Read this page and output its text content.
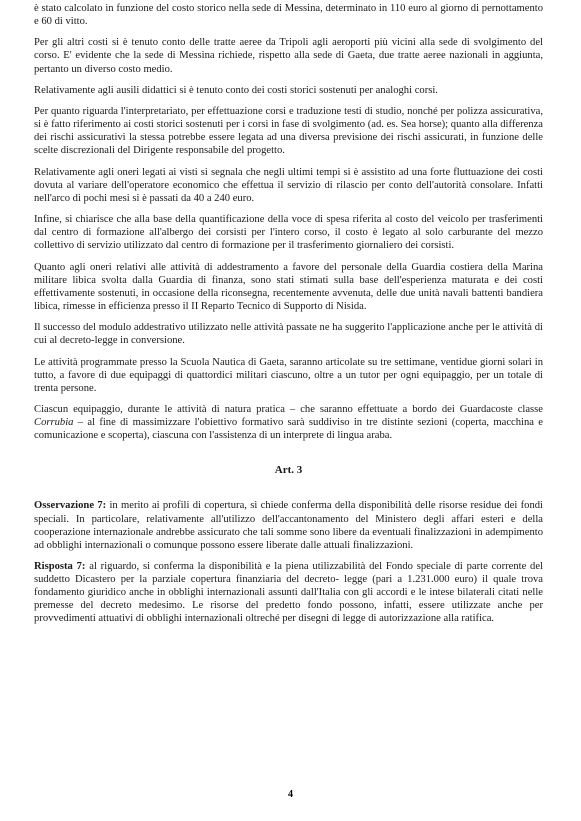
è stato calcolato in funzione del costo storico nella sede di Messina, determinato in 110 euro al giorno di pernottamento e 60 di vitto.

Per gli altri costi si è tenuto conto delle tratte aeree da Tripoli agli aeroporti più vicini alla sede di svolgimento del corso. E' evidente che la sede di Messina richiede, rispetto alla sede di Gaeta, due tratte aeree nazionali in aggiunta, pertanto un diverso costo medio.

Relativamente agli ausili didattici si è tenuto conto dei costi storici sostenuti per analoghi corsi.

Per quanto riguarda l'interpretariato, per effettuazione corsi e traduzione testi di studio, nonché per polizza assicurativa, si è fatto riferimento ai costi storici sostenuti per i corsi in fase di svolgimento (ad. es. Sea horse); quanto alla differenza dei rischi assicurativi la stessa potrebbe essere legata ad una diversa previsione dei rischi assicurati, in funzione delle scelte discrezionali del Dirigente responsabile del progetto.

Relativamente agli oneri legati ai visti si segnala che negli ultimi tempi si è assistito ad una forte fluttuazione dei costi dovuta al variare dell'operatore economico che effettua il servizio di rilascio per conto dell'autorità consolare. Infatti nell'arco di pochi mesi si è passati da 40 a 240 euro.

Infine, si chiarisce che alla base della quantificazione della voce di spesa riferita al costo del veicolo per trasferimenti dal centro di formazione all'albergo dei corsisti per l'intero corso, il costo è legato al solo carburante del mezzo collettivo di servizio utilizzato dal centro di formazione per il trasferimento giornaliero dei corsisti.

Quanto agli oneri relativi alle attività di addestramento a favore del personale della Guardia costiera della Marina militare libica svolta dalla Guardia di finanza, sono stati stimati sulla base dell'esperienza maturata e dei costi effettivamente sostenuti, in occasione della riconsegna, recentemente avvenuta, delle due unità navali battenti bandiera libica, rimesse in efficienza presso il II Reparto Tecnico di Supporto di Nisida.

Il successo del modulo addestrativo utilizzato nelle attività passate ne ha suggerito l'applicazione anche per le attività di cui al decreto-legge in conversione.

Le attività programmate presso la Scuola Nautica di Gaeta, saranno articolate su tre settimane, ventidue giorni solari in tutto, a favore di due equipaggi di quattordici militari ciascuno, oltre a un tutor per ogni equipaggio, per un totale di trenta persone.

Ciascun equipaggio, durante le attività di natura pratica – che saranno effettuate a bordo dei Guardacoste classe Corrubia – al fine di massimizzare l'obiettivo formativo sarà suddiviso in tre distinte sezioni (coperta, macchina e comunicazione e scoperta), ciascuna con l'assistenza di un interprete di lingua araba.

Art. 3

Osservazione 7: in merito ai profili di copertura, si chiede conferma della disponibilità delle risorse residue dei fondi speciali. In particolare, relativamente all'utilizzo dell'accantonamento del Ministero degli affari esteri e della cooperazione internazionale andrebbe assicurato che tali somme sono libere da eventuali finalizzazioni in adempimento ad obblighi internazionali o comunque possono essere liberate dalle attuali finalizzazioni.

Risposta 7: al riguardo, si conferma la disponibilità e la piena utilizzabilità del Fondo speciale di parte corrente del suddetto Dicastero per la parziale copertura finanziaria del decreto- legge (pari a 1.231.000 euro) il quale trova fondamento giuridico anche in obblighi internazionali assunti dall'Italia con gli accordi e le intese bilaterali citati nelle premesse del decreto medesimo. Le risorse del predetto fondo possono, infatti, essere utilizzate anche per provvedimenti attuativi di obblighi internazionali oltreché per disegni di legge di autorizzazione alla ratifica.

4
